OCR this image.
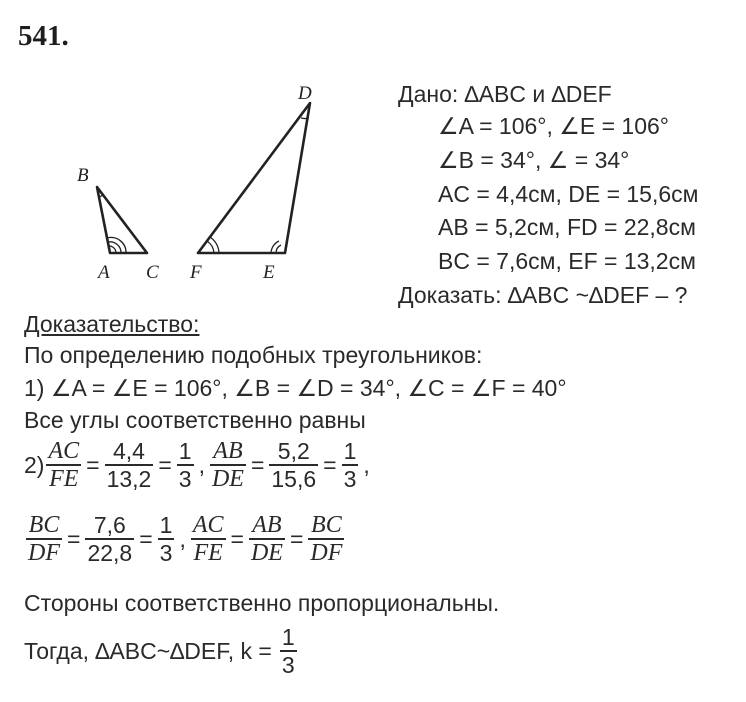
541.
B
A C
D
F	E
Дано: ∆ABC и ∆DEF
∠A = 106°, ∠E = 106°
∠B = 34°, ∠ = 34°
AC = 4,4см, DE = 15,6см
AB = 5,2см, FD = 22,8см
BC = 7,6см, EF = 13,2см
Доказать: ∆ABC ~∆DEF – ?
Доказательство:
По определению подобных треугольников:
1) ∠A = ∠E = 106°, ∠B = ∠D = 34°, ∠C = ∠F = 40°
Все углы соответственно равны
$2) \frac{AC}{FE} = \frac{4,4}{13,2} = \frac{1}{3}$ , $\frac{AB}{DE} = \frac{5,2}{15,6} = \frac{1}{3}$ ,
$\frac{BC}{DF} = \frac{7,6}{22,8} = \frac{1}{3}$ , $\frac{AC}{FE} = \frac{AB}{DE} = \frac{BC}{DF}$
Стороны соответственно пропорциональны.
Тогда, ∆ABC~∆DEF, $k = \frac{1}{3}$
